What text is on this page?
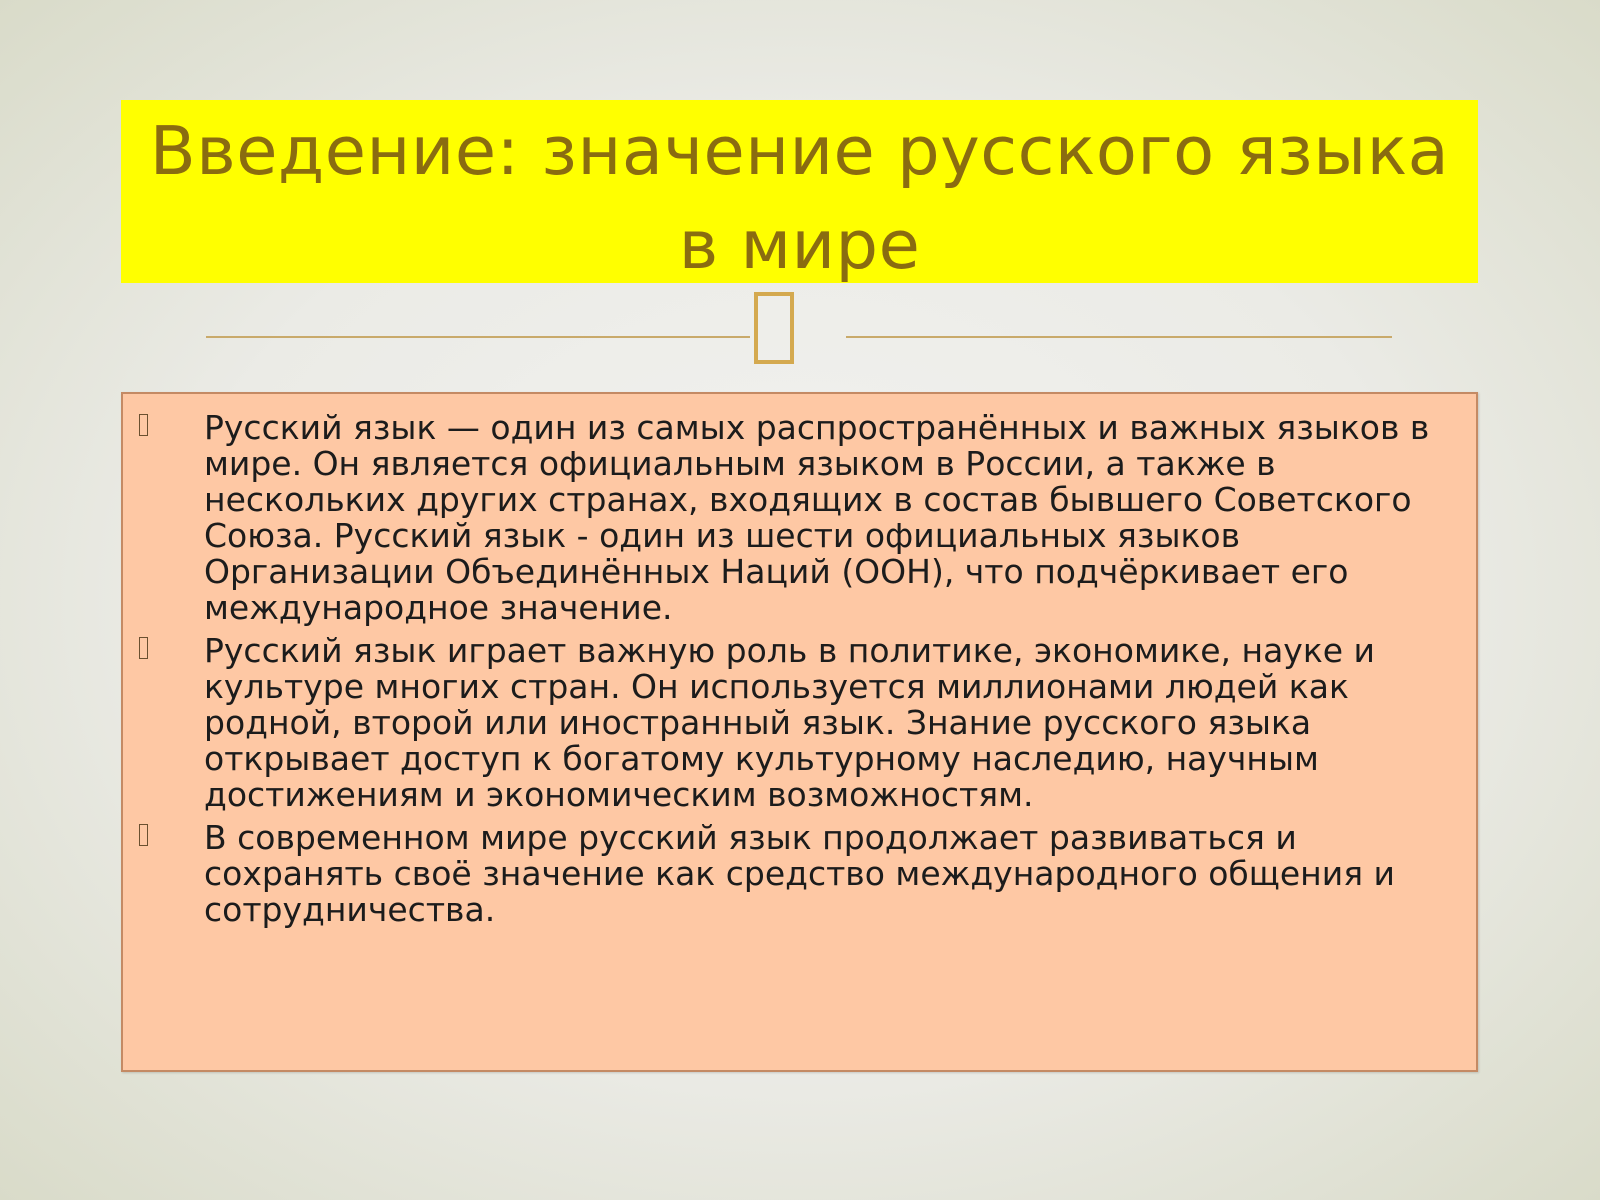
Введение: значение русского языка в мире

Русский язык — один из самых распространённых и важных языков в мире. Он является официальным языком в России, а также в нескольких других странах, входящих в состав бывшего Советского Союза. Русский язык - один из шести официальных языков Организации Объединённых Наций (ООН), что подчёркивает его международное значение.

Русский язык играет важную роль в политике, экономике, науке и культуре многих стран. Он используется миллионами людей как родной, второй или иностранный язык. Знание русского языка открывает доступ к богатому культурному наследию, научным достижениям и экономическим возможностям.

В современном мире русский язык продолжает развиваться и сохранять своё значение как средство международного общения и сотрудничества.
